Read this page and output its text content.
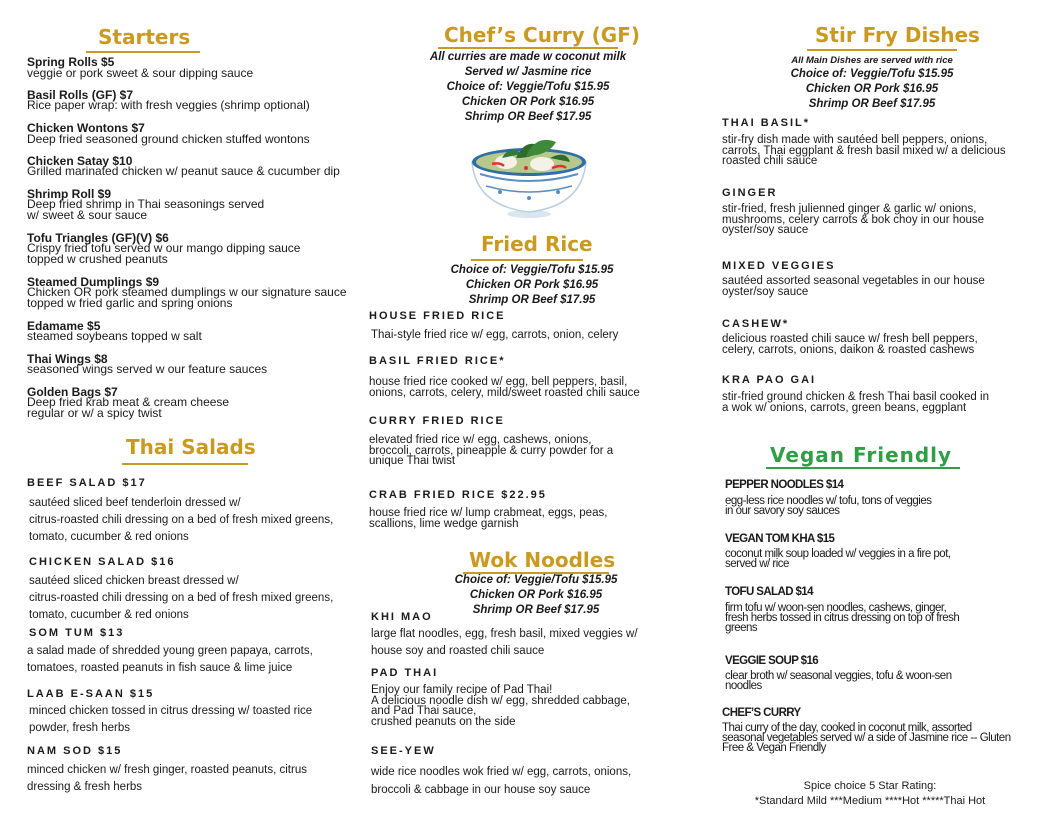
Starters
Spring Rolls $5
veggie or pork sweet & sour dipping sauce
Basil Rolls (GF) $7
Rice paper wrap: with fresh veggies (shrimp optional)
Chicken Wontons $7
Deep fried seasoned ground chicken stuffed wontons
Chicken Satay $10
Grilled marinated chicken w/ peanut sauce & cucumber dip
Shrimp Roll $9
Deep fried shrimp in Thai seasonings served
w/ sweet & sour sauce
Tofu Triangles (GF)(V) $6
Crispy fried tofu served w our mango dipping sauce
topped w crushed peanuts
Steamed Dumplings $9
Chicken OR pork steamed dumplings w our signature sauce
topped w fried garlic and spring onions
Edamame $5
steamed soybeans topped w salt
Thai Wings $8
seasoned wings served w our feature sauces
Golden Bags $7
Deep fried krab meat & cream cheese
regular or w/ a spicy twist
Thai Salads
BEEF SALAD $17
sautéed sliced beef tenderloin dressed w/
citrus-roasted chili dressing on a bed of fresh mixed greens,
tomato, cucumber & red onions
CHICKEN SALAD $16
sautéed sliced chicken breast dressed w/
citrus-roasted chili dressing on a bed of fresh mixed greens,
tomato, cucumber & red onions
SOM TUM $13
a salad made of shredded young green papaya, carrots,
tomatoes, roasted peanuts in fish sauce & lime juice
LAAB E-SAAN $15
minced chicken tossed in citrus dressing w/ toasted rice
powder, fresh herbs
NAM SOD $15
minced chicken w/ fresh ginger, roasted peanuts, citrus
dressing & fresh herbs
Chef’s Curry (GF)
All curries are made w coconut milk
Served w/ Jasmine rice
Choice of: Veggie/Tofu $15.95
Chicken OR Pork $16.95
Shrimp OR Beef $17.95
Fried Rice
Choice of: Veggie/Tofu $15.95
Chicken OR Pork $16.95
Shrimp OR Beef $17.95
HOUSE FRIED RICE
Thai-style fried rice w/ egg, carrots, onion, celery
BASIL FRIED RICE*
house fried rice cooked w/ egg, bell peppers, basil,
onions, carrots, celery, mild/sweet roasted chili sauce
CURRY FRIED RICE
elevated fried rice w/ egg, cashews, onions,
broccoli, carrots, pineapple & curry powder for a
unique Thai twist
CRAB FRIED RICE $22.95
house fried rice w/ lump crabmeat, eggs, peas,
scallions, lime wedge garnish
Wok Noodles
Choice of: Veggie/Tofu $15.95
Chicken OR Pork $16.95
Shrimp OR Beef $17.95
KHI MAO
large flat noodles, egg, fresh basil, mixed veggies w/
house soy and roasted chili sauce
PAD THAI
Enjoy our family recipe of Pad Thai!
A delicious noodle dish w/ egg, shredded cabbage,
and Pad Thai sauce,
crushed peanuts on the side
SEE-YEW
wide rice noodles wok fried w/ egg, carrots, onions,
broccoli & cabbage in our house soy sauce
Stir Fry Dishes
All Main Dishes are served with rice
Choice of: Veggie/Tofu $15.95
Chicken OR Pork $16.95
Shrimp OR Beef $17.95
THAI BASIL*
stir-fry dish made with sautéed bell peppers, onions,
carrots, Thai eggplant & fresh basil mixed w/ a delicious
roasted chili sauce
GINGER
stir-fried, fresh julienned ginger & garlic w/ onions,
mushrooms, celery carrots & bok choy in our house
oyster/soy sauce
MIXED VEGGIES
sautéed assorted seasonal vegetables in our house
oyster/soy sauce
CASHEW*
delicious roasted chili sauce w/ fresh bell peppers,
celery, carrots, onions, daikon & roasted cashews
KRA PAO GAI
stir-fried ground chicken & fresh Thai basil cooked in
a wok w/ onions, carrots, green beans, eggplant
Vegan Friendly
PEPPER NOODLES $14
egg-less rice noodles w/ tofu, tons of veggies
in our savory soy sauces
VEGAN TOM KHA $15
coconut milk soup loaded w/ veggies in a fire pot,
served w/ rice
TOFU SALAD $14
firm tofu w/ woon-sen noodles, cashews, ginger,
fresh herbs tossed in citrus dressing on top of fresh
greens
VEGGIE SOUP $16
clear broth w/ seasonal veggies, tofu & woon-sen
noodles
CHEF’S CURRY
Thai curry of the day, cooked in coconut milk, assorted
seasonal vegetables served w/ a side of Jasmine rice -- Gluten
Free & Vegan Friendly
Spice choice 5 Star Rating:
*Standard Mild ***Medium ****Hot *****Thai Hot
